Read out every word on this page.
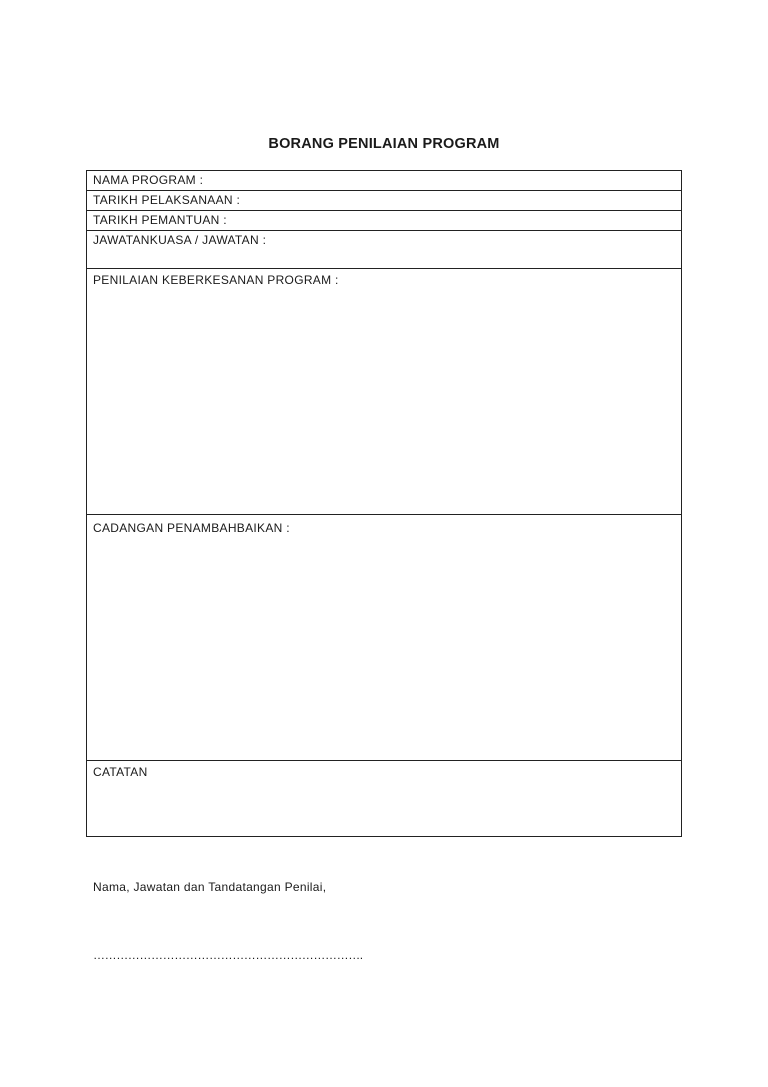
BORANG PENILAIAN PROGRAM
NAMA PROGRAM :
TARIKH PELAKSANAAN :
TARIKH PEMANTUAN :
JAWATANKUASA / JAWATAN :
PENILAIAN KEBERKESANAN PROGRAM :
CADANGAN PENAMBAHBAIKAN :
CATATAN
Nama, Jawatan dan Tandatangan Penilai,
…………………………………………………………….
